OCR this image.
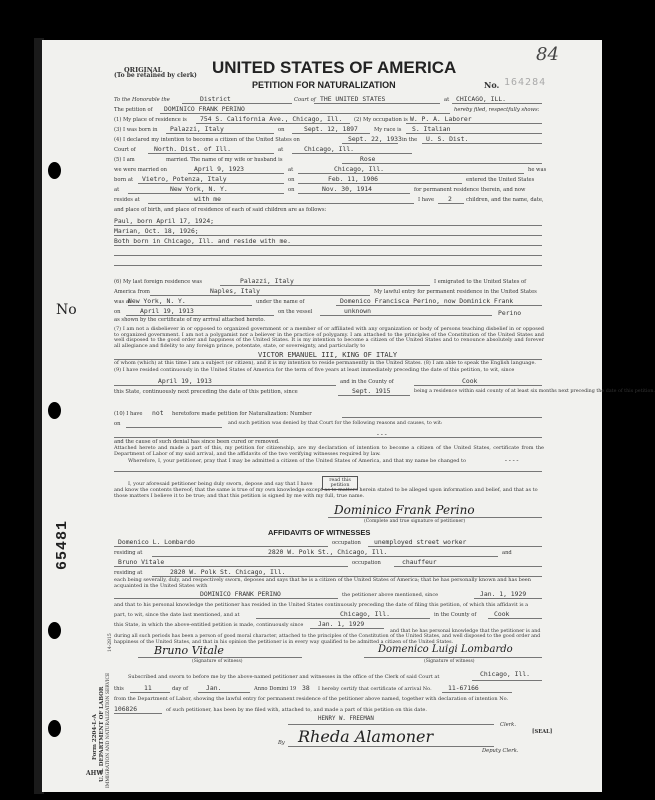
ORIGINAL
(To be retained by clerk) UNITED STATES OF AMERICA
PETITION FOR NATURALIZATION	No. 164284
84
To the Honorable the	District	Court of THE UNITED STATES	at CHICAGO, ILL.
The petition of DOMINICO FRANK PERINO	hereby filed, respectfully shows:
(1) My place of residence is 754 S. California Ave., Chicago, Ill. (2) My occupation is W. P. A. Laborer
(3) I was born in Palazzi, Italy	on	Sept. 12, 1897	My race is S. Italian
(4) I declared my intention to become a citizen of the United States on	Sept. 22, 1933 in the U. S. Dist.
Court of	North. Dist. of Ill.	at	Chicago, Ill.
(5) I am	married. The name of my wife or husband is	Rose
we were married on	April 9, 1923	at	Chicago, Ill.	he was
born at Vietro, Potenza, Italy	on	Feb. 11, 1906	entered the United States
at	New York, N. Y.	on	Nov. 30, 1914	for permanent residence therein, and now
resides at	with me	I have 2	children, and the name, date,
and place of birth, and place of residence of each of said children are as follows:
Paul, born April 17, 1924;
Marian, Oct. 18, 1926;
Both born in Chicago, Ill. and reside with me.
(6) My last foreign residence was	Palazzi, Italy	I emigrated to the United States of
America from	Naples, Italy	My lawful entry for permanent residence in the United States
was at
New York, N. Y.	under the name of	Domenico Francisca Perino, now Dominick Frank
on	April 19, 1913	on the vessel	unknown	Perino
as shown by the certificate of my arrival attached hereto.
(7) I am not a disbeliever in or opposed to organized government or a member of or affiliated with any organization or body of persons teaching disbelief in or opposed to organized government. I am not a polygamist nor a believer in the practice of polygamy. I am attached to the principles of the Constitution of the United States and well disposed to the good order and happiness of the United States. It is my intention to become a citizen of the United States and to renounce absolutely and forever all allegiance and fidelity to any foreign prince, potentate, state, or sovereignty, and particularly to
VICTOR EMANUEL III, KING OF ITALY
of whom (which) at this time I am a subject (or citizen), and it is my intention to reside permanently in the United States. (8) I am able to speak the English language.
(9) I have resided continuously in the United States of America for the term of five years at least immediately preceding the date of this petition, to wit, since
April 19, 1913	and in the County of	Cook
this State, continuously next preceding the date of this petition, since	Sept. 1915	being a residence within said county of at least six months next preceding the date of this petition.
(10) I have not heretofore made petition for Naturalization: Number
on	and such petition was denied by that Court for the following reasons and causes, to wit:
---
and the cause of such denial has since been cured or removed.
Attached hereto and made a part of this, my petition for citizenship, are my declaration of intention to become a citizen of the United States, certificate from the Department of Labor of my said arrival, and the affidavits of the two verifying witnesses required by law.
Wherefore, I, your petitioner, pray that I may be admitted a citizen of the United States of America, and that my name be changed to	----
I, your aforesaid petitioner being duly sworn, depose and say that I have
read this petition
and know the contents thereof; that the same is true of my own knowledge except as to matters herein stated to be alleged upon information and belief, and that as to those matters I believe it to be true; and that this petition is signed by me with my full, true name.
Dominico Frank Perino
(Complete and true signature of petitioner)
AFFIDAVITS OF WITNESSES
Domenico L. Lombardo	occupation unemployed street worker
residing at	2820 W. Polk St., Chicago, Ill.	and
Bruno Vitale	occupation	chauffeur
residing at	2820 W. Polk St. Chicago, Ill.
each being severally, duly, and respectively sworn, deposes and says that he is a citizen of the United States of America; that he has personally known and has been acquainted in the United States with
DOMINICO FRANK PERINO	the petitioner above mentioned, since	Jan. 1, 1929
and that to his personal knowledge the petitioner has resided in the United States continuously preceding the date of filing this petition, of which this affidavit is a
part, to wit, since the date last mentioned, and at	Chicago, Ill.	in the County of	Cook
this State, in which the above-entitled petition is made, continuously since Jan. 1, 1929
and that he has personal knowledge that the petitioner is and during all such periods has been a person of good moral character, attached to the principles of the Constitution of the United States, and well disposed to the good order and happiness of the United States, and that in his opinion the petitioner is in every way qualified to be admitted a citizen of the United States.
Bruno Vitale	Domenico Luigi Lombardo
(Signature of witness)	(Signature of witness)
Subscribed and sworn to before me by the above-named petitioner and witnesses in the office of the Clerk of said Court at	Chicago, Ill.
this	11	day of	Jan.	Anno Domini 19 38 I hereby certify that certificate of arrival No.	11-67166
from the Department of Labor, showing the lawful entry for permanent residence of the petitioner above named, together with declaration of intention No.
106826	of such petitioner, has been by me filed with, attached to, and made a part of this petition on this date.
HENRY W. FREEMAN
Clerk.
[SEAL]
By Rheda Alamoner
Deputy Clerk.
No
65481
Form 2204-L-A U. S. DEPARTMENT OF LABOR IMMIGRATION AND NATURALIZATION SERVICE
14-2815
AHW
